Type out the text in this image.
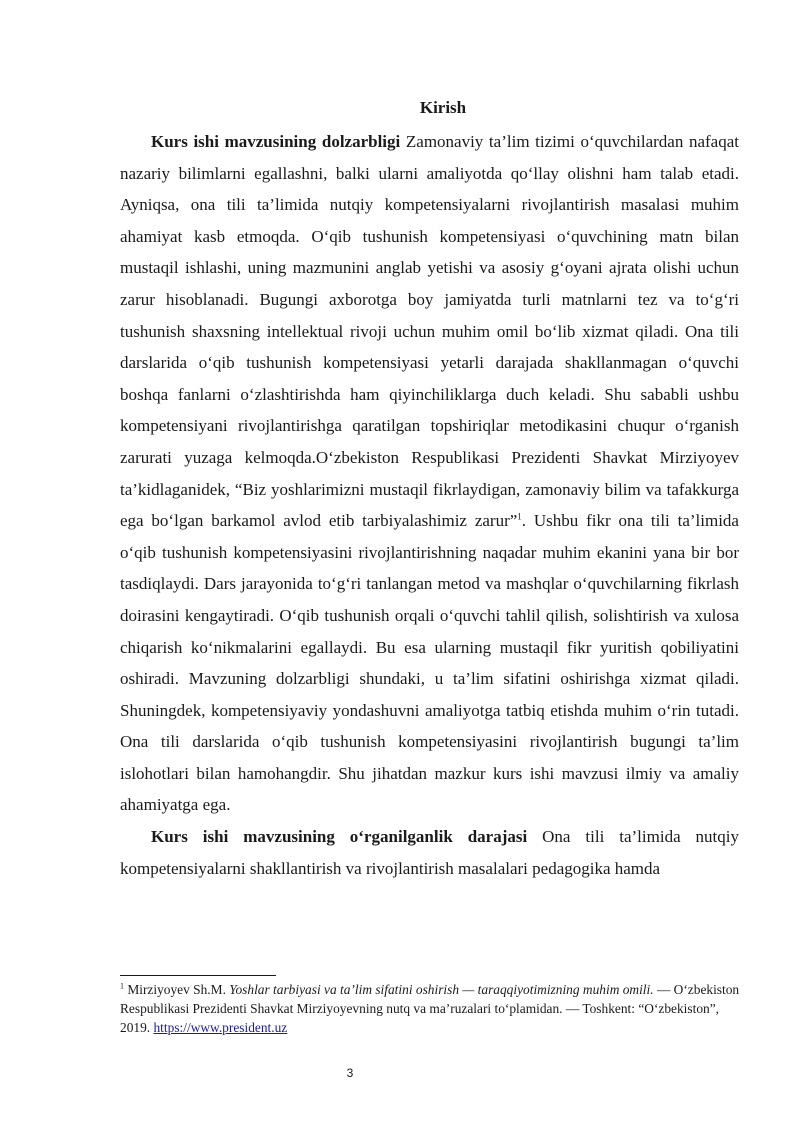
Kirish

Kurs ishi mavzusining dolzarbligi Zamonaviy ta’lim tizimi o‘quvchilardan nafaqat nazariy bilimlarni egallashni, balki ularni amaliyotda qo‘llay olishni ham talab etadi. Ayniqsa, ona tili ta’limida nutqiy kompetensiyalarni rivojlantirish masalasi muhim ahamiyat kasb etmoqda. O‘qib tushunish kompetensiyasi o‘quvchining matn bilan mustaqil ishlashi, uning mazmunini anglab yetishi va asosiy g‘oyani ajrata olishi uchun zarur hisoblanadi. Bugungi axborotga boy jamiyatda turli matnlarni tez va to‘g‘ri tushunish shaxsning intellektual rivoji uchun muhim omil bo‘lib xizmat qiladi. Ona tili darslarida o‘qib tushunish kompetensiyasi yetarli darajada shakllanmagan o‘quvchi boshqa fanlarni o‘zlashtirishda ham qiyinchiliklarga duch keladi. Shu sababli ushbu kompetensiyani rivojlantirishga qaratilgan topshiriqlar metodikasini chuqur o‘rganish zarurati yuzaga kelmoqda.O‘zbekiston Respublikasi Prezidenti Shavkat Mirziyoyev ta’kidlaganidek, “Biz yoshlarimizni mustaqil fikrlaydigan, zamonaviy bilim va tafakkurga ega bo‘lgan barkamol avlod etib tarbiyalashimiz zarur”$^1$. Ushbu fikr ona tili ta’limida o‘qib tushunish kompetensiyasini rivojlantirishning naqadar muhim ekanini yana bir bor tasdiqlaydi. Dars jarayonida to‘g‘ri tanlangan metod va mashqlar o‘quvchilarning fikrlash doirasini kengaytiradi. O‘qib tushunish orqali o‘quvchi tahlil qilish, solishtirish va xulosa chiqarish ko‘nikmalarini egallaydi. Bu esa ularning mustaqil fikr yuritish qobiliyatini oshiradi. Mavzuning dolzarbligi shundaki, u ta’lim sifatini oshirishga xizmat qiladi. Shuningdek, kompetensiyaviy yondashuvni amaliyotga tatbiq etishda muhim o‘rin tutadi. Ona tili darslarida o‘qib tushunish kompetensiyasini rivojlantirish bugungi ta’lim islohotlari bilan hamohangdir. Shu jihatdan mazkur kurs ishi mavzusi ilmiy va amaliy ahamiyatga ega.

Kurs ishi mavzusining o‘rganilganlik darajasi Ona tili ta’limida nutqiy kompetensiyalarni shakllantirish va rivojlantirish masalalari pedagogika hamda

$^1$ Mirziyoyev Sh.M. Yoshlar tarbiyasi va ta’lim sifatini oshirish — taraqqiyotimizning muhim omili. — O‘zbekiston Respublikasi Prezidenti Shavkat Mirziyoyevning nutq va ma’ruzalari to‘plamidan. — Toshkent: “O‘zbekiston”, 2019. https://www.president.uz
3
